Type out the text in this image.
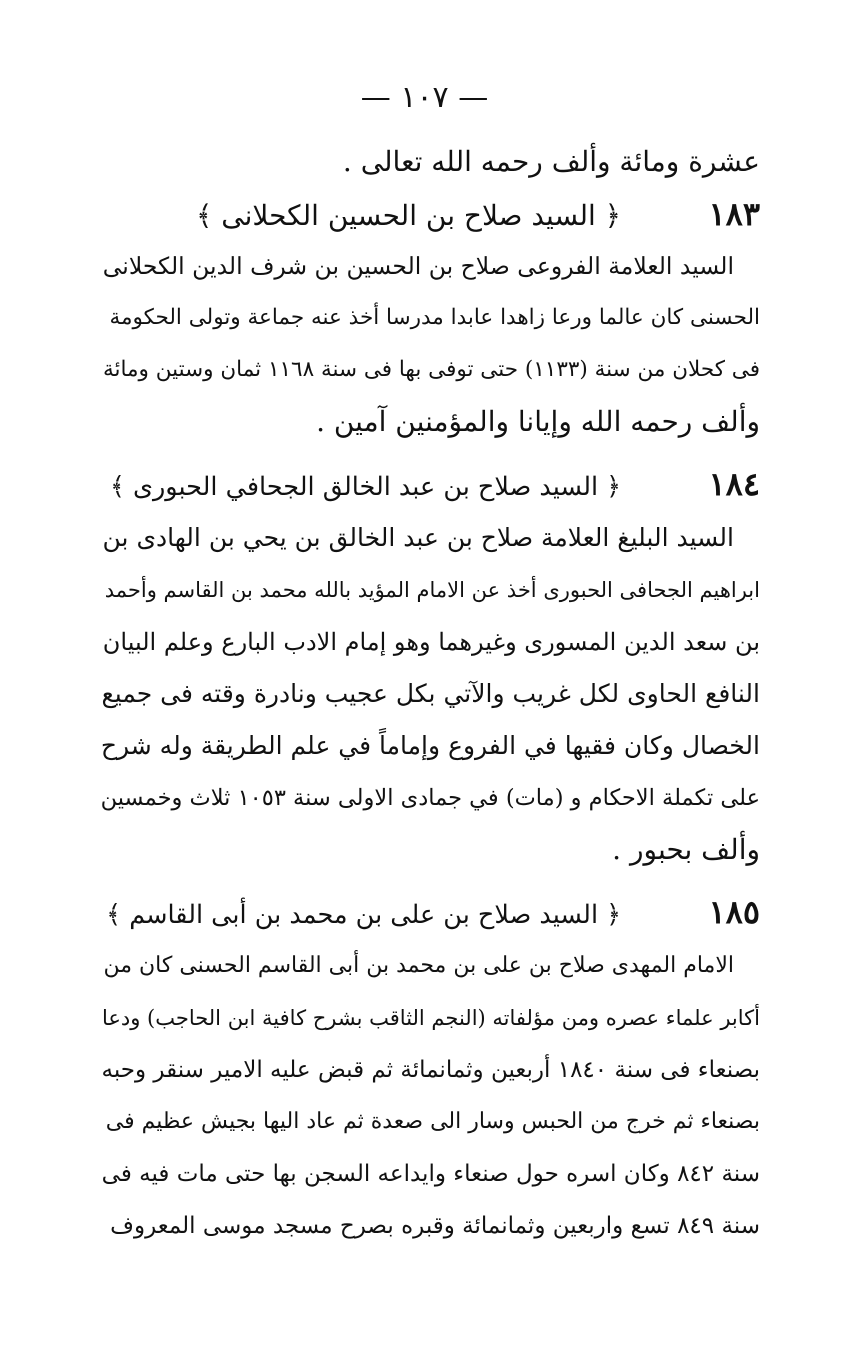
— ١٠٧ —
عشرة ومائة وألف رحمه الله تعالى .
١٨٣ ﴿ السيد صلاح بن الحسين الكحلانى ﴾
السيد العلامة الفروعى صلاح بن الحسين بن شرف الدين الكحلانى
الحسنى كان عالما ورعا زاهدا عابدا مدرسا أخذ عنه جماعة وتولى الحكومة
فى كحلان من سنة (١١٣٣) حتى توفى بها فى سنة ١١٦٨ ثمان وستين ومائة
وألف رحمه الله وإيانا والمؤمنين آمين .
١٨٤ ﴿ السيد صلاح بن عبد الخالق الجحافي الحبورى ﴾
السيد البليغ العلامة صلاح بن عبد الخالق بن يحي بن الهادى بن
ابراهيم الجحافى الحبورى أخذ عن الامام المؤيد بالله محمد بن القاسم وأحمد
بن سعد الدين المسورى وغيرهما وهو إمام الادب البارع وعلم البيان
النافع الحاوى لكل غريب والآتي بكل عجيب ونادرة وقته فى جميع
الخصال وكان فقيها في الفروع وإماماً في علم الطريقة وله شرح
على تكملة الاحكام و (مات) في جمادى الاولى سنة ١٠٥٣ ثلاث وخمسين
وألف بحبور .
١٨٥ ﴿ السيد صلاح بن على بن محمد بن أبى القاسم ﴾
الامام المهدى صلاح بن على بن محمد بن أبى القاسم الحسنى كان من
أكابر علماء عصره ومن مؤلفاته (النجم الثاقب بشرح كافية ابن الحاجب) ودعا
بصنعاء فى سنة ١٨٤٠ أربعين وثمانمائة ثم قبض عليه الامير سنقر وحبه
بصنعاء ثم خرج من الحبس وسار الى صعدة ثم عاد اليها بجيش عظيم فى
سنة ٨٤٢ وكان اسره حول صنعاء وايداعه السجن بها حتى مات فيه فى
سنة ٨٤٩ تسع واربعين وثمانمائة وقبره بصرح مسجد موسى المعروف
